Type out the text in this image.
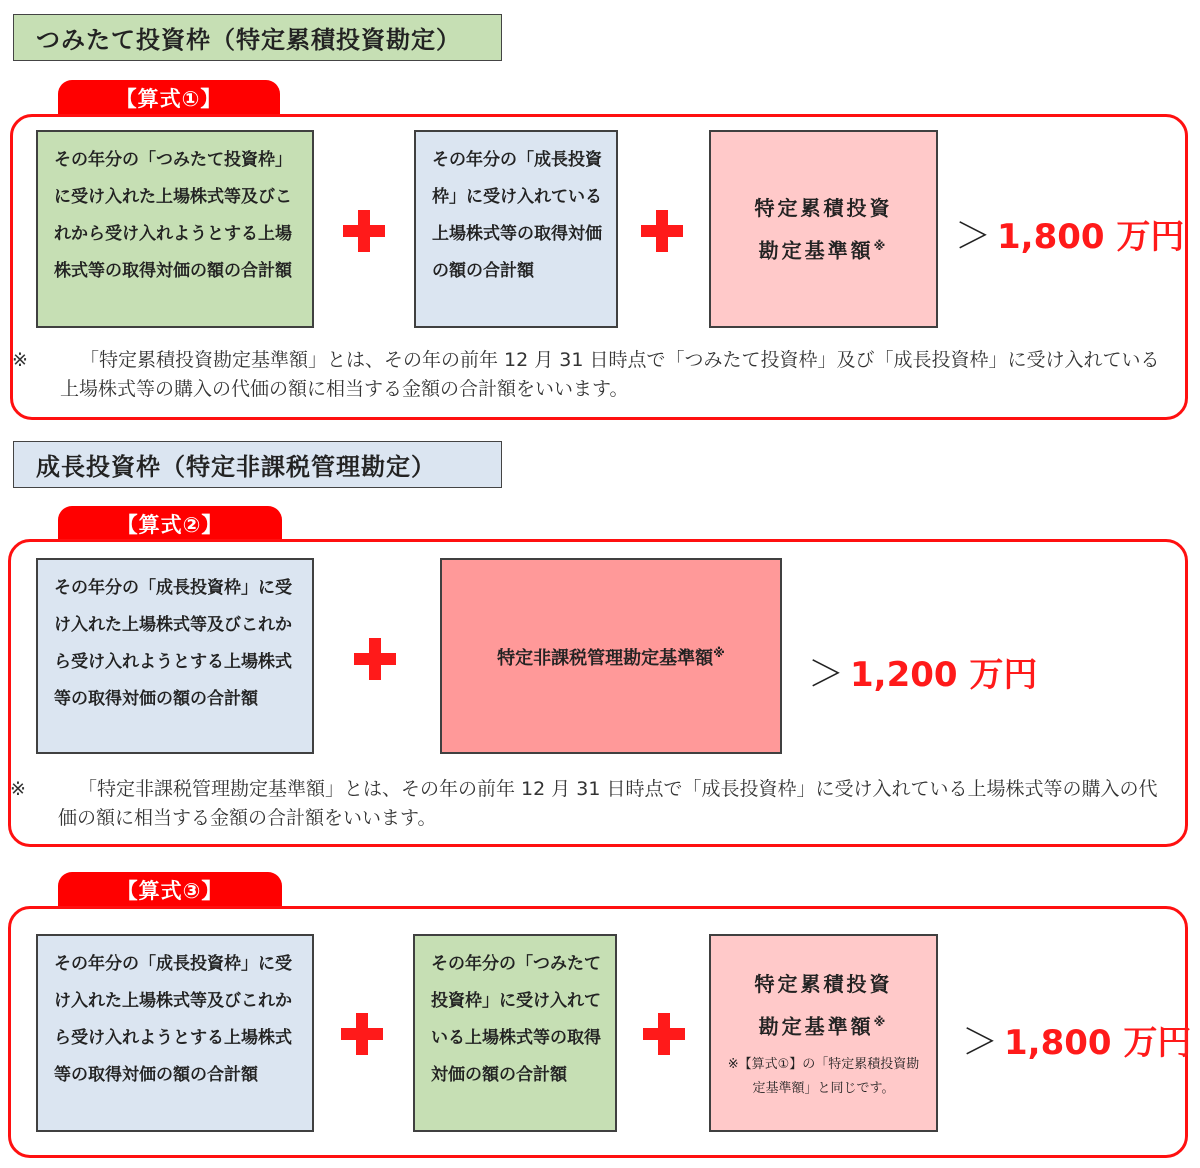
つみたて投資枠（特定累積投資勘定）
【算式①】
その年分の「つみたて投資枠」に受け入れた上場株式等及びこれから受け入れようとする上場株式等の取得対価の額の合計額
その年分の「成長投資枠」に受け入れている上場株式等の取得対価の額の合計額
特定累積投資
勘定基準額※ ＞ 1,800 万円
※	「特定累積投資勘定基準額」とは、その年の前年 12 月 31 日時点で「つみたて投資枠」及び「成長投資枠」に受け入れている上場株式等の購入の代価の額に相当する金額の合計額をいいます。
成長投資枠（特定非課税管理勘定）
【算式②】
その年分の「成長投資枠」に受け入れた上場株式等及びこれから受け入れようとする上場株式等の取得対価の額の合計額
特定非課税管理勘定基準額※
＞ 1,200 万円
※	「特定非課税管理勘定基準額」とは、その年の前年 12 月 31 日時点で「成長投資枠」に受け入れている上場株式等の購入の代価の額に相当する金額の合計額をいいます。
【算式③】
その年分の「成長投資枠」に受け入れた上場株式等及びこれから受け入れようとする上場株式等の取得対価の額の合計額
その年分の「つみたて投資枠」に受け入れている上場株式等の取得対価の額の合計額
特定累積投資
勘定基準額※
※【算式①】の「特定累積投資勘定基準額」と同じです。
＞ 1,800 万円
